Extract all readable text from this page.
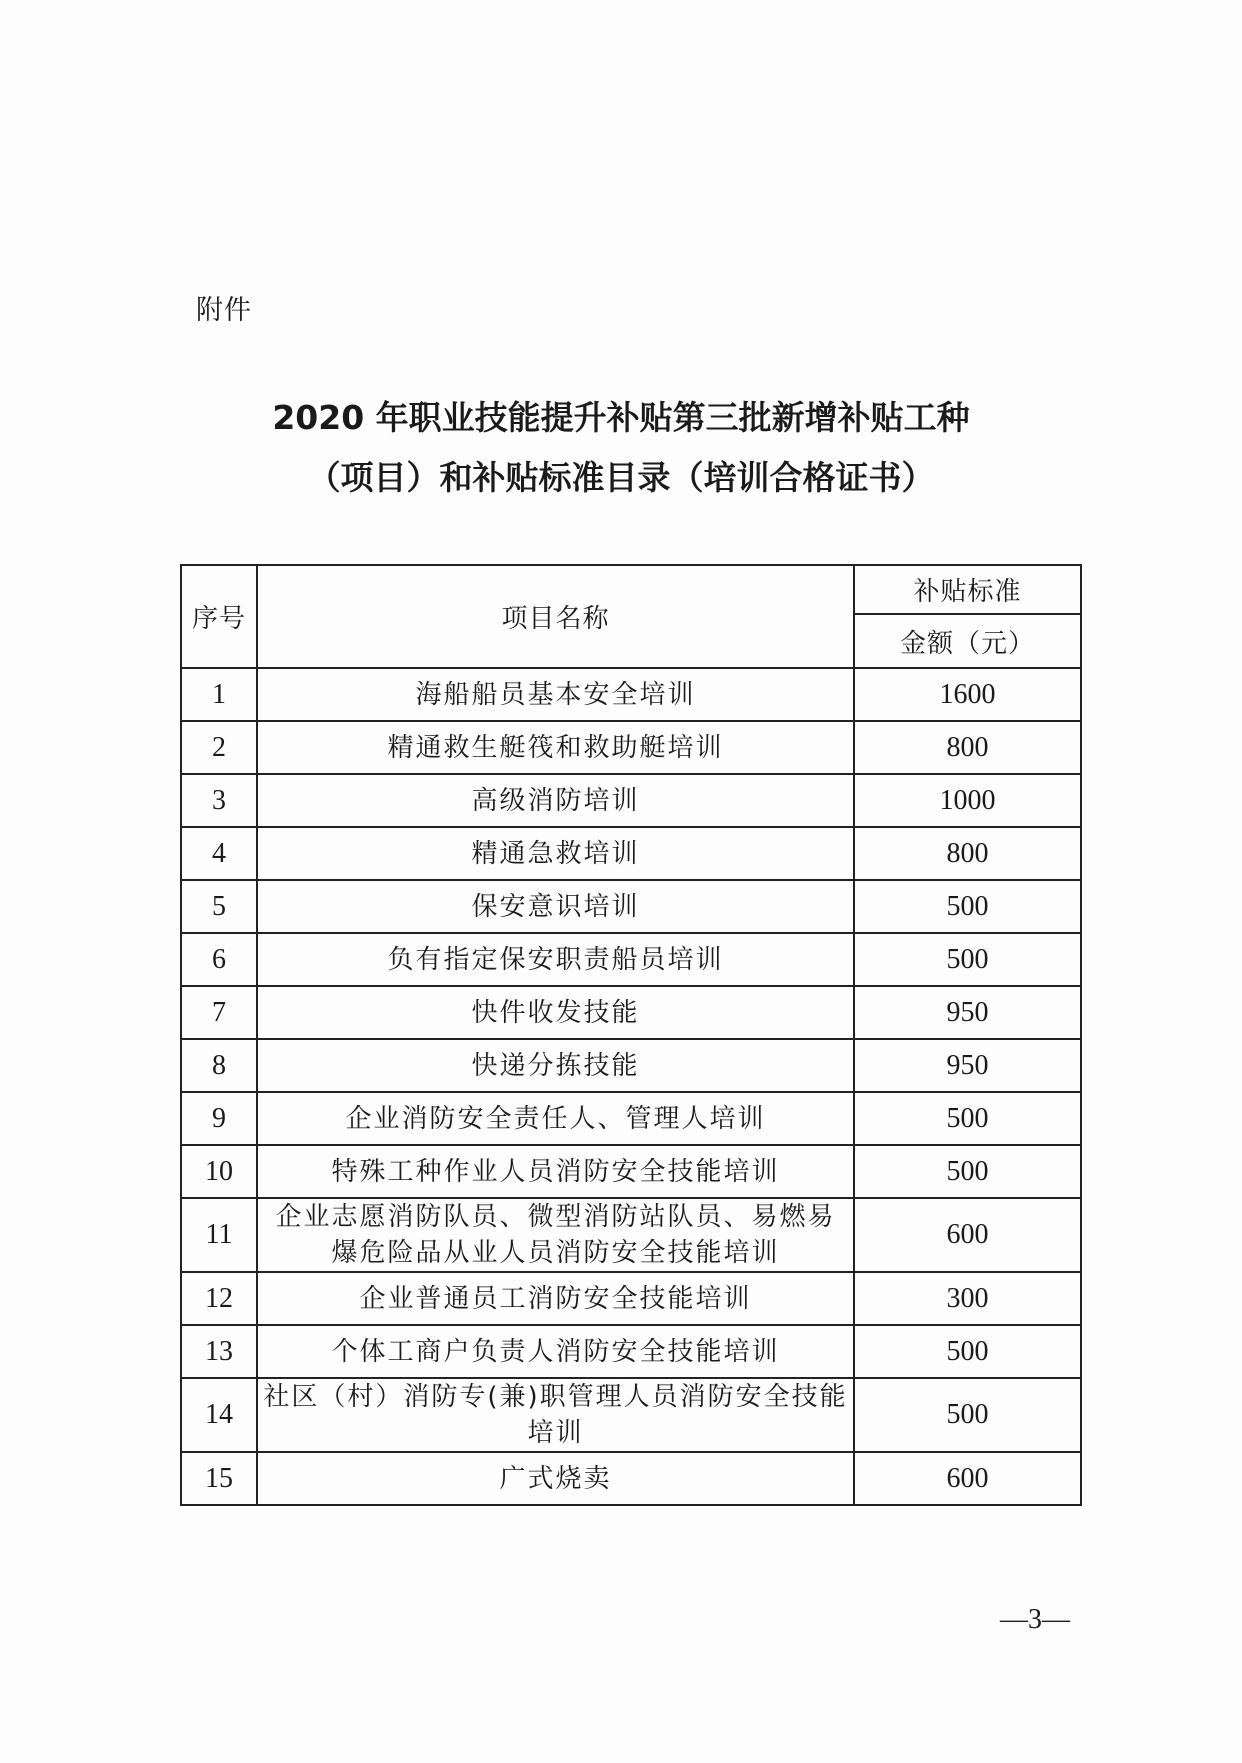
附件
2020 年职业技能提升补贴第三批新增补贴工种
（项目）和补贴标准目录（培训合格证书）
序号	项目名称	补贴标准
		金额（元）
1	海船船员基本安全培训	1600
2	精通救生艇筏和救助艇培训	800
3	高级消防培训	1000
4	精通急救培训	800
5	保安意识培训	500
6	负有指定保安职责船员培训	500
7	快件收发技能	950
8	快递分拣技能	950
9	企业消防安全责任人、管理人培训	500
10	特殊工种作业人员消防安全技能培训	500
11	企业志愿消防队员、微型消防站队员、易燃易爆危险品从业人员消防安全技能培训	600
12	企业普通员工消防安全技能培训	300
13	个体工商户负责人消防安全技能培训	500
14	社区（村）消防专(兼)职管理人员消防安全技能培训	500
15	广式烧卖	600
—3—
